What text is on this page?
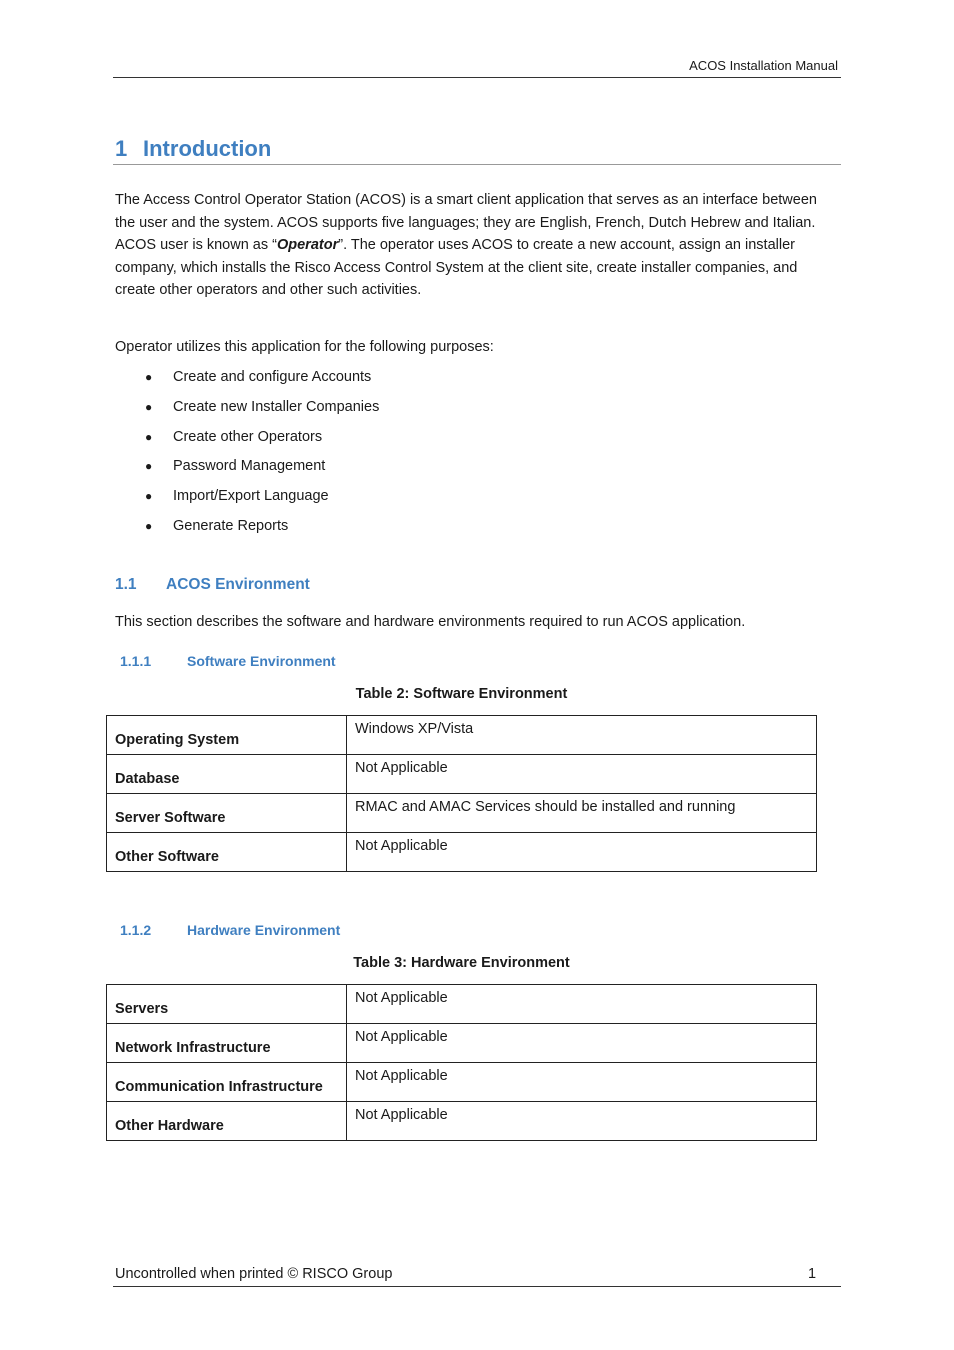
ACOS Installation Manual
1 Introduction
The Access Control Operator Station (ACOS) is a smart client application that serves as an interface between the user and the system. ACOS supports five languages; they are English, French, Dutch Hebrew and Italian. ACOS user is known as “Operator”. The operator uses ACOS to create a new account, assign an installer company, which installs the Risco Access Control System at the client site, create installer companies, and create other operators and other such activities.
Operator utilizes this application for the following purposes:
● Create and configure Accounts
● Create new Installer Companies
● Create other Operators
● Password Management
● Import/Export Language
● Generate Reports
1.1 ACOS Environment
This section describes the software and hardware environments required to run ACOS application.
1.1.1	Software Environment
Table 2: Software Environment
Operating System	Windows XP/Vista
Database	Not Applicable
Server Software	RMAC and AMAC Services should be installed and running
Other Software	Not Applicable
1.1.2	Hardware Environment
Table 3: Hardware Environment
Servers	Not Applicable
Network Infrastructure	Not Applicable
Communication Infrastructure	Not Applicable
Other Hardware	Not Applicable
Uncontrolled when printed © RISCO Group	1
